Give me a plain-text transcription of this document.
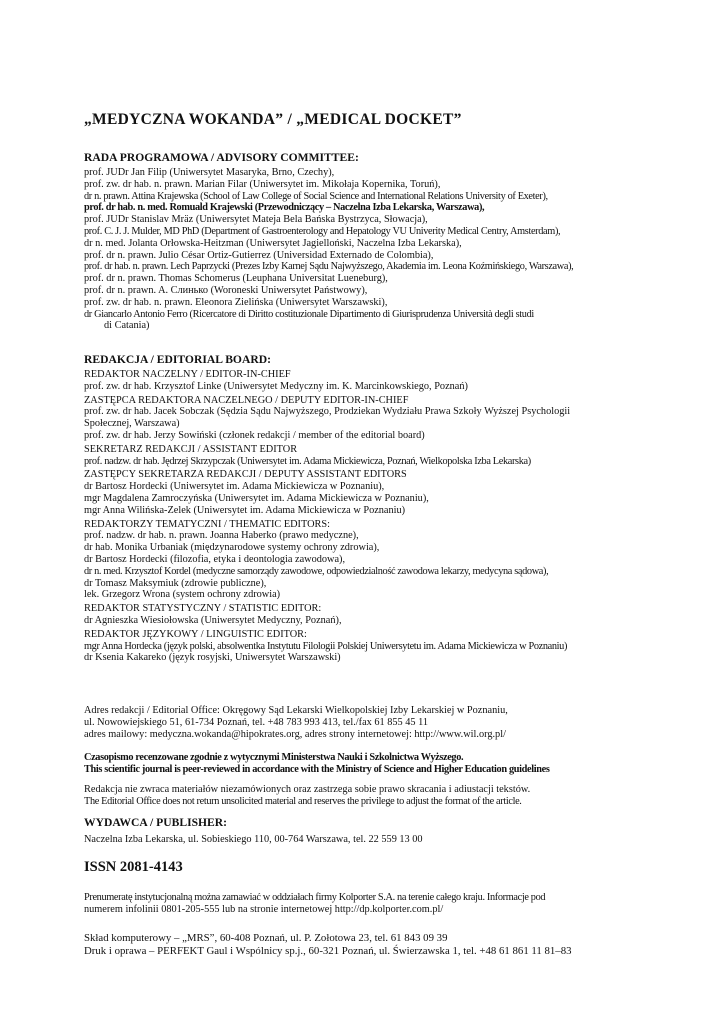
„MEDYCZNA WOKANDA” / „MEDICAL DOCKET”
RADA PROGRAMOWA / ADVISORY COMMITTEE:
prof. JUDr Jan Filip (Uniwersytet Masaryka, Brno, Czechy),
prof. zw. dr hab. n. prawn. Marian Filar (Uniwersytet im. Mikołaja Kopernika, Toruń),
dr n. prawn. Attina Krajewska (School of Law College of Social Science and International Relations University of Exeter),
prof. dr hab. n. med. Romuald Krajewski (Przewodniczący – Naczelna Izba Lekarska, Warszawa),
prof. JUDr Stanislav Mräz (Uniwersytet Mateja Bela Bańska Bystrzyca, Słowacja),
prof. C. J. J. Mulder, MD PhD (Department of Gastroenterology and Hepatology VU Univerity Medical Centry, Amsterdam),
dr n. med. Jolanta Orłowska-Heitzman (Uniwersytet Jagielloński, Naczelna Izba Lekarska),
prof. dr n. prawn. Julio César Ortiz-Gutierrez (Universidad Externado de Colombia),
prof. dr hab. n. prawn. Lech Paprzycki (Prezes Izby Karnej Sądu Najwyższego, Akademia im. Leona Koźmińskiego, Warszawa),
prof. dr n. prawn. Thomas Schomerus (Leuphana Universitat Lueneburg),
prof. dr n. prawn. A. Слинько (Woroneski Uniwersytet Państwowy),
prof. zw. dr hab. n. prawn. Eleonora Zielińska (Uniwersytet Warszawski),
dr Giancarlo Antonio Ferro (Ricercatore di Diritto costituzionale Dipartimento di Giurisprudenza Università degli studi
di Catania)
REDAKCJA / EDITORIAL BOARD:
REDAKTOR NACZELNY / EDITOR-IN-CHIEF
prof. zw. dr hab. Krzysztof Linke (Uniwersytet Medyczny im. K. Marcinkowskiego, Poznań)
ZASTĘPCA REDAKTORA NACZELNEGO / DEPUTY EDITOR-IN-CHIEF
prof. zw. dr hab. Jacek Sobczak (Sędzia Sądu Najwyższego, Prodziekan Wydziału Prawa Szkoły Wyższej Psychologii
Społecznej, Warszawa)
prof. zw. dr hab. Jerzy Sowiński (członek redakcji / member of the editorial board)
SEKRETARZ REDAKCJI / ASSISTANT EDITOR
prof. nadzw. dr hab. Jędrzej Skrzypczak (Uniwersytet im. Adama Mickiewicza, Poznań, Wielkopolska Izba Lekarska)
ZASTĘPCY SEKRETARZA REDAKCJI / DEPUTY ASSISTANT EDITORS
dr Bartosz Hordecki (Uniwersytet im. Adama Mickiewicza w Poznaniu),
mgr Magdalena Zamroczyńska (Uniwersytet im. Adama Mickiewicza w Poznaniu),
mgr Anna Wilińska-Zelek (Uniwersytet im. Adama Mickiewicza w Poznaniu)
REDAKTORZY TEMATYCZNI / THEMATIC EDITORS:
prof. nadzw. dr hab. n. prawn. Joanna Haberko (prawo medyczne),
dr hab. Monika Urbaniak (międzynarodowe systemy ochrony zdrowia),
dr Bartosz Hordecki (filozofia, etyka i deontologia zawodowa),
dr n. med. Krzysztof Kordel (medyczne samorządy zawodowe, odpowiedzialność zawodowa lekarzy, medycyna sądowa),
dr Tomasz Maksymiuk (zdrowie publiczne),
lek. Grzegorz Wrona (system ochrony zdrowia)
REDAKTOR STATYSTYCZNY / STATISTIC EDITOR:
dr Agnieszka Wiesiołowska (Uniwersytet Medyczny, Poznań),
REDAKTOR JĘZYKOWY / LINGUISTIC EDITOR:
mgr Anna Hordecka (język polski, absolwentka Instytutu Filologii Polskiej Uniwersytetu im. Adama Mickiewicza w Poznaniu)
dr Ksenia Kakareko (język rosyjski, Uniwersytet Warszawski)
Adres redakcji / Editorial Office: Okręgowy Sąd Lekarski Wielkopolskiej Izby Lekarskiej w Poznaniu,
ul. Nowowiejskiego 51, 61-734 Poznań, tel. +48 783 993 413, tel./fax 61 855 45 11
adres mailowy: medyczna.wokanda@hipokrates.org, adres strony internetowej: http://www.wil.org.pl/
Czasopismo recenzowane zgodnie z wytycznymi Ministerstwa Nauki i Szkolnictwa Wyższego.
This scientific journal is peer-reviewed in accordance with the Ministry of Science and Higher Education guidelines
Redakcja nie zwraca materiałów niezamówionych oraz zastrzega sobie prawo skracania i adiustacji tekstów.
The Editorial Office does not return unsolicited material and reserves the privilege to adjust the format of the article.
WYDAWCA / PUBLISHER:
Naczelna Izba Lekarska, ul. Sobieskiego 110, 00-764 Warszawa, tel. 22 559 13 00
ISSN 2081-4143
Prenumeratę instytucjonalną można zamawiać w oddziałach firmy Kolporter S.A. na terenie całego kraju. Informacje pod
numerem infolinii 0801-205-555 lub na stronie internetowej http://dp.kolporter.com.pl/
Skład komputerowy – „MRS”, 60-408 Poznań, ul. P. Zołotowa 23, tel. 61 843 09 39
Druk i oprawa – PERFEKT Gaul i Wspólnicy sp.j., 60-321 Poznań, ul. Świerzawska 1, tel. +48 61 861 11 81–83
